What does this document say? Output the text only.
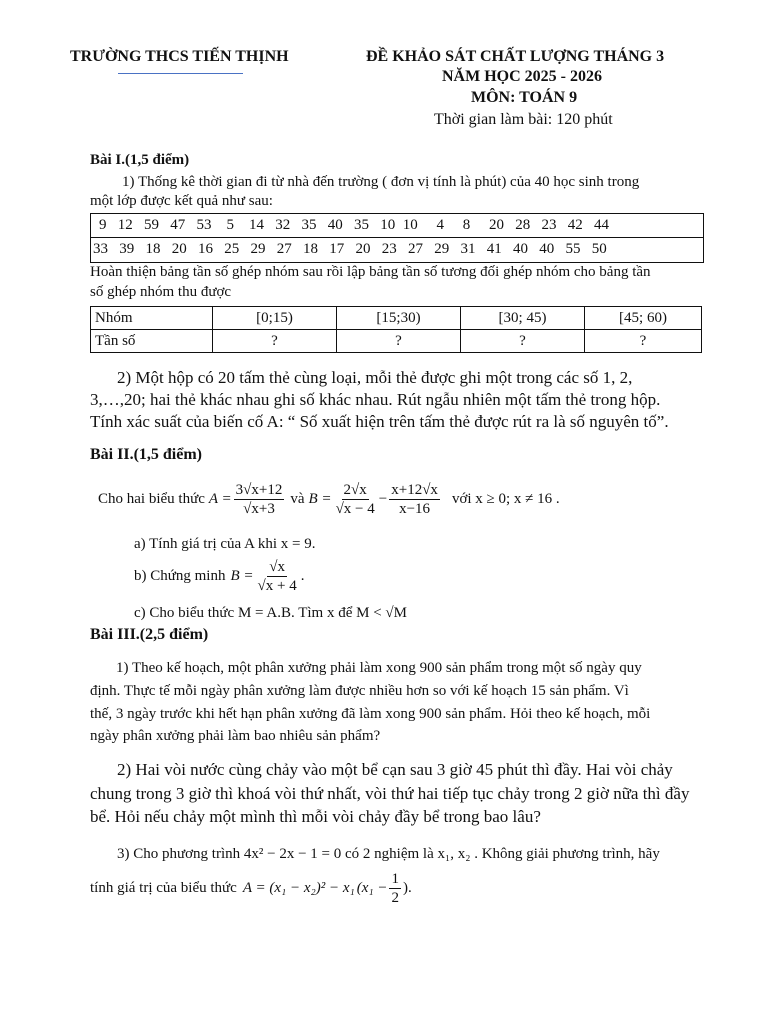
TRƯỜNG THCS TIẾN THỊNH	ĐỀ KHẢO SÁT CHẤT LƯỢNG THÁNG 3
NĂM HỌC 2025 - 2026
MÔN: TOÁN 9
Thời gian làm bài: 120 phút
Bài I.(1,5 điểm)
1) Thống kê thời gian đi từ nhà đến trường ( đơn vị tính là phút) của 40 học sinh trong
một lớp được kết quả như sau:
9   12   59   47   53    5    14   32   35   40   35   10  10     4     8     20   28   23   42   44
33   39   18   20   16   25   29   27   18   17   20   23   27   29   31   41   40   40   55   50
Hoàn thiện bảng tần số ghép nhóm sau rồi lập bảng tần số tương đối ghép nhóm cho bảng tần
số ghép nhóm thu được
Nhóm	[0;15)	[15;30)	[30; 45)	[45; 60)
Tần số	?	?	?	?
2) Một hộp có 20 tấm thẻ cùng loại, mỗi thẻ được ghi một trong các số 1, 2,
3,…,20; hai thẻ khác nhau ghi số khác nhau. Rút ngẫu nhiên một tấm thẻ trong hộp.
Tính xác suất của biến cố A: “ Số xuất hiện trên tấm thẻ được rút ra là số nguyên tố”.
Bài II.(1,5 điểm)
Cho hai biểu thức $A = \frac{3√x+12}{√x+3}$ và $B = \frac{2√x}{√x - 4} - \frac{x+12√x}{x-16}$ với x ≥ 0; x ≠ 16 .
a) Tính giá trị của A khi x = 9.
b) Chứng minh $B = \frac{√x}{√x + 4}$ .
c) Cho biểu thức M = A.B. Tìm x để M < √M
Bài III.(2,5 điểm)
1) Theo kế hoạch, một phân xưởng phải làm xong 900 sản phẩm trong một số ngày quy
định. Thực tế mỗi ngày phân xưởng làm được nhiều hơn so với kế hoạch 15 sản phẩm. Vì
thế, 3 ngày trước khi hết hạn phân xưởng đã làm xong 900 sản phẩm. Hỏi theo kế hoạch, mỗi
ngày phân xưởng phải làm bao nhiêu sản phẩm?
2) Hai vòi nước cùng chảy vào một bể cạn sau 3 giờ 45 phút thì đầy. Hai vòi chảy
chung trong 3 giờ thì khoá vòi thứ nhất, vòi thứ hai tiếp tục chảy trong 2 giờ nữa thì đầy
bể. Hỏi nếu chảy một mình thì mỗi vòi chảy đầy bể trong bao lâu?
3) Cho phương trình 4x² − 2x − 1 = 0 có 2 nghiệm là x₁, x₂ . Không giải phương trình, hãy
tính giá trị của biểu thức A = (x₁ − x₂)² − x₁ ($x_1 - \frac{1}{2}$ ).
